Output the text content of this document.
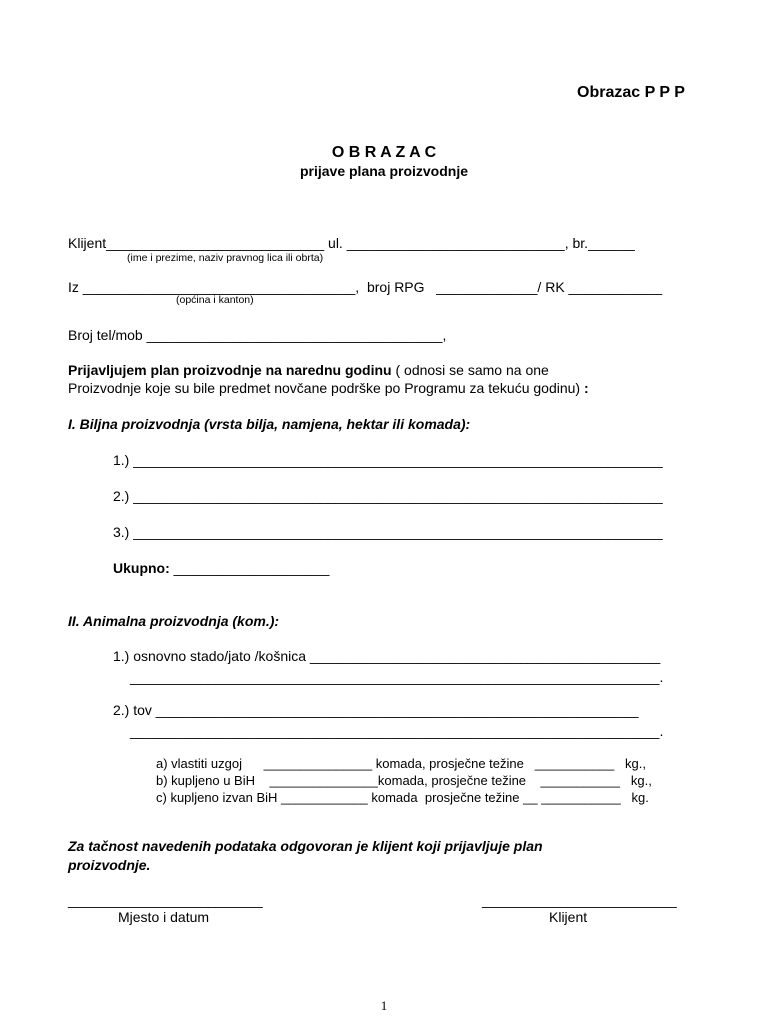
Obrazac P P P
O B R A Z A C
prijave plana proizvodnje
Klijent____________________________ ul. ____________________________, br.______
(ime i prezime, naziv pravnog lica ili obrta)
Iz ___________________________________,  broj RPG   _____________/ RK ____________
(općina i kanton)
Broj tel/mob ______________________________________,
Prijavljujem plan proizvodnje na narednu godinu ( odnosi se samo na one
Proizvodnje koje su bile predmet novčane podrške po Programu za tekuću godinu) :
I. Biljna proizvodnja (vrsta bilja, namjena, hektar ili komada):
1.) ____________________________________________________________________
2.) ____________________________________________________________________
3.) ____________________________________________________________________
Ukupno: ____________________
II. Animalna proizvodnja (kom.):
1.) osnovno stado/jato /košnica _____________________________________________
____________________________________________________________________.
2.) tov ______________________________________________________________
____________________________________________________________________.
a) vlastiti uzgoj      _______________ komada, prosječne težine   ___________   kg.,
b) kupljeno u BiH    _______________komada, prosječne težine    ___________   kg.,
c) kupljeno izvan BiH ____________ komada  prosječne težine __ ___________   kg.
Za tačnost navedenih podataka odgovoran je klijent koji prijavljuje plan
proizvodnje.
_________________________
Mjesto i datum
_________________________
Klijent
1
